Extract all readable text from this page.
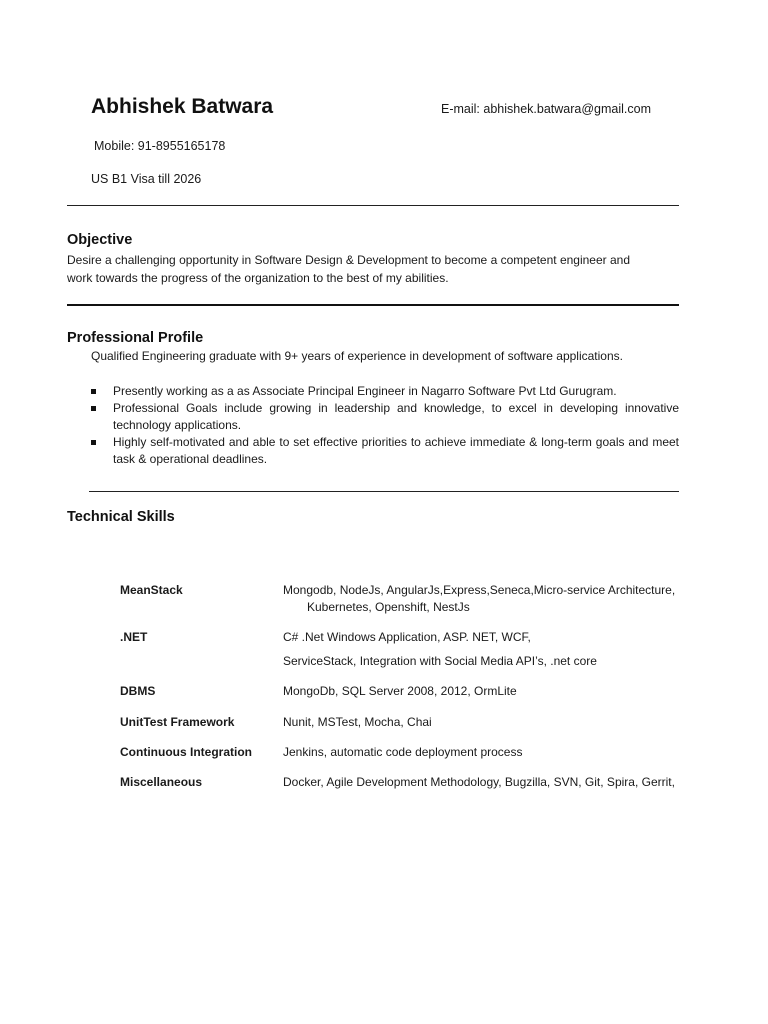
Abhishek Batwara	E-mail: abhishek.batwara@gmail.com
Mobile: 91-8955165178
US B1 Visa till 2026
Objective
Desire a challenging opportunity in Software Design & Development to become a competent engineer and
work towards the progress of the organization to the best of my abilities.
Professional Profile
Qualified Engineering graduate with 9+ years of experience in development of software applications.
Presently working as a as Associate Principal Engineer in Nagarro Software Pvt Ltd Gurugram.
Professional Goals include growing in leadership and knowledge, to excel in developing innovative technology applications.
Highly self-motivated and able to set effective priorities to achieve immediate & long-term goals and meet task & operational deadlines.
Technical Skills
MeanStack	Mongodb, NodeJs, AngularJs,Express,Seneca,Micro-service Architecture,
Kubernetes, Openshift, NestJs
.NET	C# .Net Windows Application, ASP. NET, WCF,
ServiceStack, Integration with Social Media API’s, .net core
DBMS	MongoDb, SQL Server 2008, 2012, OrmLite
UnitTest Framework	Nunit, MSTest, Mocha, Chai
Continuous Integration	Jenkins, automatic code deployment process
Miscellaneous	Docker, Agile Development Methodology, Bugzilla, SVN, Git, Spira, Gerrit,
